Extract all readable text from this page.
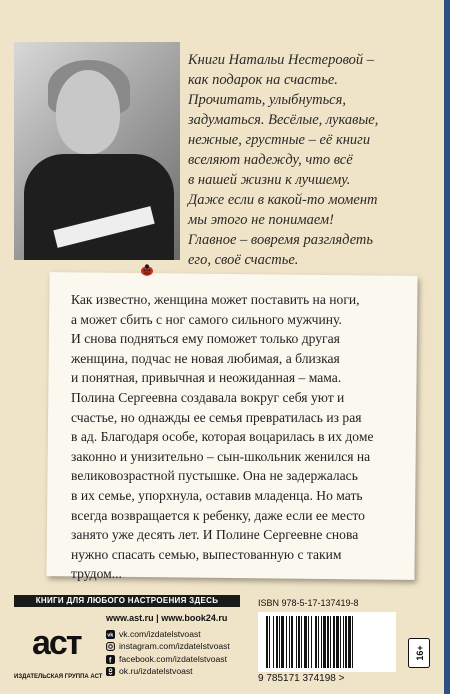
Книги Натальи Нестеровой –
как подарок на счастье.
Прочитать, улыбнуться,
задуматься. Весёлые, лукавые,
нежные, грустные – её книги
вселяют надежду, что всё
в нашей жизни к лучшему.
Даже если в какой-то момент
мы этого не понимаем!
Главное – вовремя разглядеть
его, своё счастье.

Как известно, женщина может поставить на ноги,
а может сбить с ног самого сильного мужчину.
И снова подняться ему поможет только другая
женщина, подчас не новая любимая, а близкая
и понятная, привычная и неожиданная – мама.
Полина Сергеевна создавала вокруг себя уют и
счастье, но однажды ее семья превратилась из рая
в ад. Благодаря особе, которая воцарилась в их доме
законно и унизительно – сын-школьник женился на
великовозрастной пустышке. Она не задержалась
в их семье, упорхнула, оставив младенца. Но мать
всегда возвращается к ребенку, даже если ее место
занято уже десять лет. И Полине Сергеевне снова
нужно спасать семью, выпестованную с таким
трудом...

КНИГИ ДЛЯ ЛЮБОГО НАСТРОЕНИЯ ЗДЕСЬ
аст
ИЗДАТЕЛЬСКАЯ ГРУППА АСТ
www.ast.ru | www.book24.ru
vk vk.com/izdatelstvoast
instagram.com/izdatelstvoast
f facebook.com/izdatelstvoast
ok.ru/izdatelstvoast
ISBN 978-5-17-137419-8
9 785171 374198 >
16+
